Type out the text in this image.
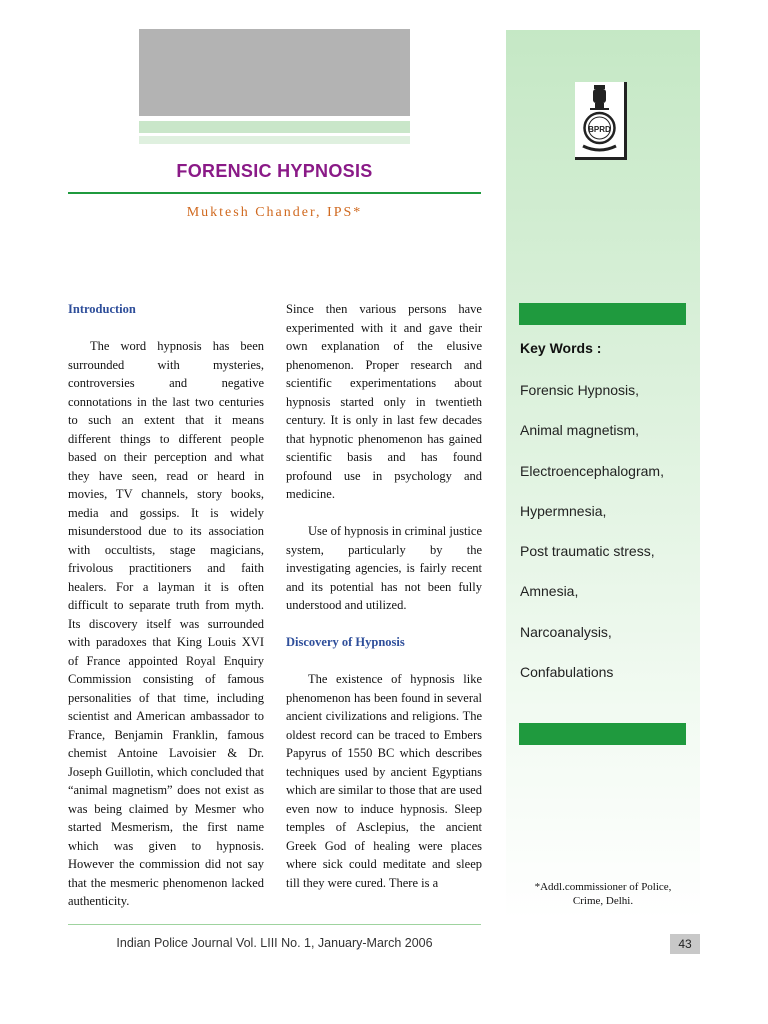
FORENSIC HYPNOSIS
Muktesh Chander, IPS*
BPRD
Key Words :
Forensic Hypnosis,
Animal magnetism,
Electroencephalogram,
Hypermnesia,
Post traumatic stress,
Amnesia,
Narcoanalysis,
Confabulations
*Addl.commissioner of Police,
Crime, Delhi.

Introduction

The word hypnosis has been surrounded with mysteries, controversies and negative connotations in the last two centuries to such an extent that it means different things to different people based on their perception and what they have seen, read or heard in movies, TV channels, story books, media and gossips. It is widely misunderstood due to its association with occultists, stage magicians, frivolous practitioners and faith healers. For a layman it is often difficult to separate truth from myth. Its discovery itself was surrounded with paradoxes that King Louis XVI of France appointed Royal Enquiry Commission consisting of famous personalities of that time, including scientist and American ambassador to France, Benjamin Franklin, famous chemist Antoine Lavoisier & Dr. Joseph Guillotin, which concluded that “animal magnetism” does not exist as was being claimed by Mesmer who started Mesmerism, the first name which was given to hypnosis. However the commission did not say that the mesmeric phenomenon lacked authenticity.

Since then various persons have experimented with it and gave their own explanation of the elusive phenomenon. Proper research and scientific experimentations about hypnosis started only in twentieth century. It is only in last few decades that hypnotic phenomenon has gained scientific basis and has found profound use in psychology and medicine.

Use of hypnosis in criminal justice system, particularly by the investigating agencies, is fairly recent and its potential has not been fully understood and utilized.

Discovery of Hypnosis

The existence of hypnosis like phenomenon has been found in several ancient civilizations and religions. The oldest record can be traced to Embers Papyrus of 1550 BC which describes techniques used by ancient Egyptians which are similar to those that are used even now to induce hypnosis. Sleep temples of Asclepius, the ancient Greek God of healing were places where sick could meditate and sleep till they were cured. There is a

Indian Police Journal Vol. LIII No. 1, January-March 2006	43
